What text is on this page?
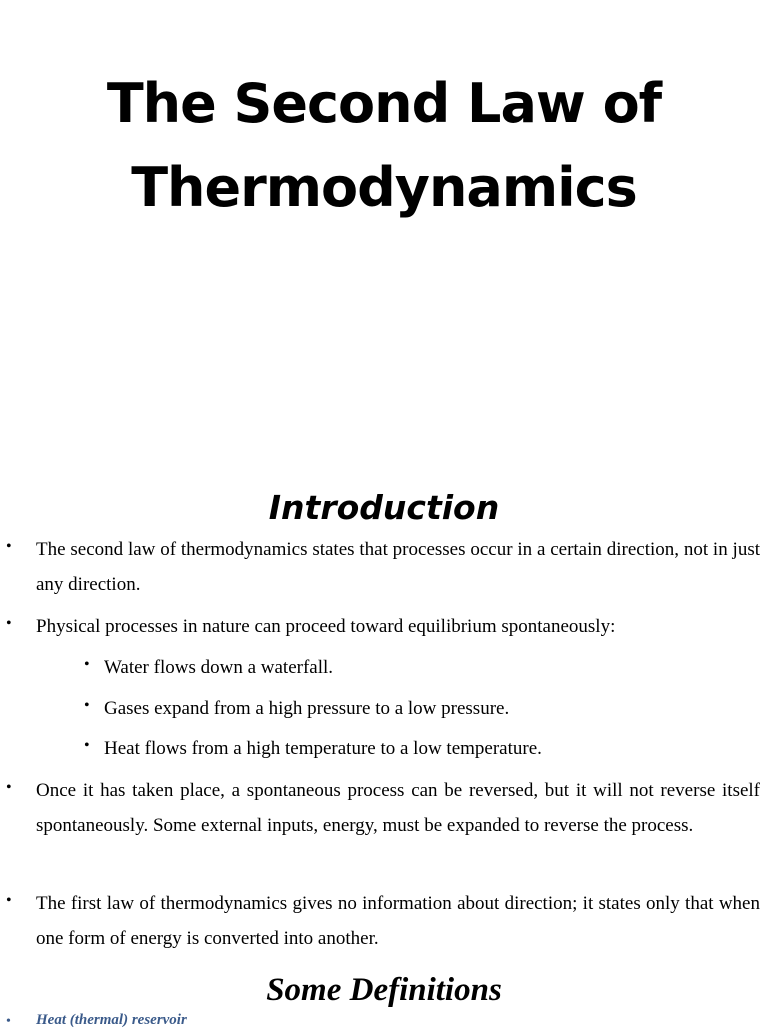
The Second Law of
Thermodynamics
Introduction
• The second law of thermodynamics states that processes occur in a certain direction, not in just any direction.
• Physical processes in nature can proceed toward equilibrium spontaneously:
• Water flows down a waterfall.
• Gases expand from a high pressure to a low pressure.
• Heat flows from a high temperature to a low temperature.
• Once it has taken place, a spontaneous process can be reversed, but it will not reverse itself spontaneously. Some external inputs, energy, must be expanded to reverse the process.
• The first law of thermodynamics gives no information about direction; it states only that when one form of energy is converted into another.
Some Definitions
• Heat (thermal) reservoir
